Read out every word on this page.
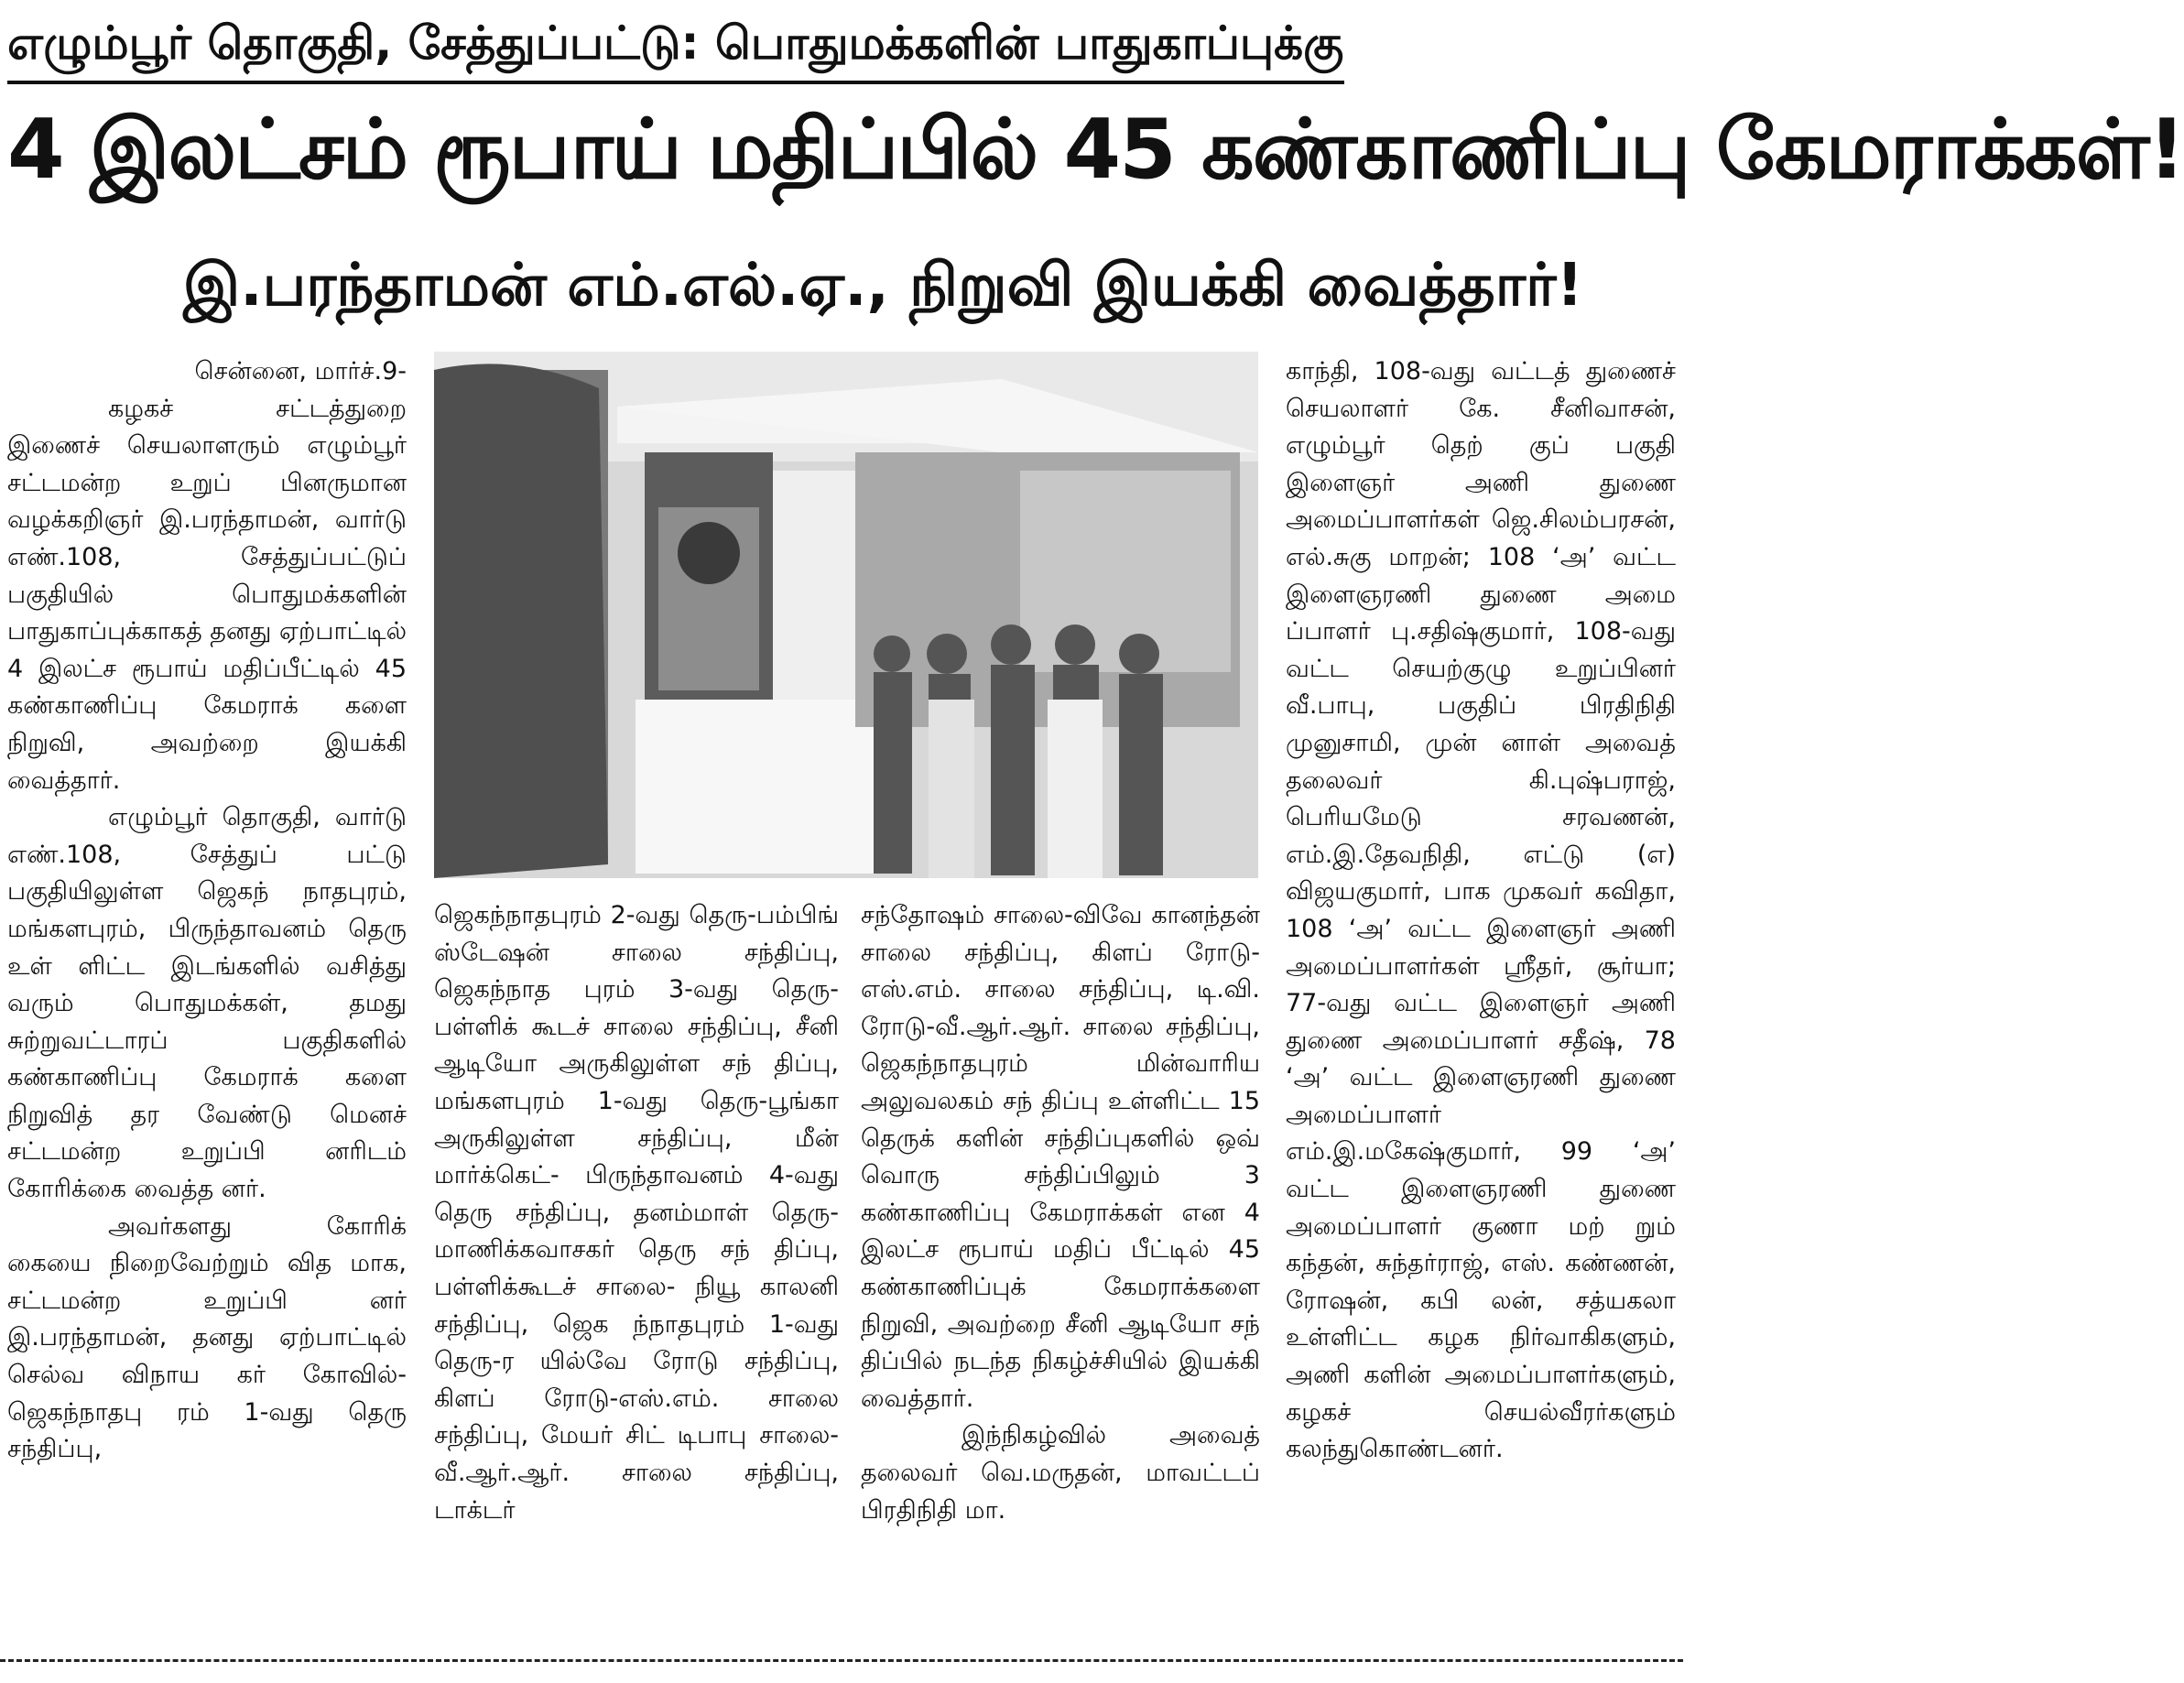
எழும்பூர் தொகுதி, சேத்துப்பட்டு: பொதுமக்களின் பாதுகாப்புக்கு
4 இலட்சம் ரூபாய் மதிப்பில் 45 கண்காணிப்பு கேமராக்கள்!
இ.பரந்தாமன் எம்.எல்.ஏ., நிறுவி இயக்கி வைத்தார்!

சென்னை, மார்ச்.9-

கழகச் சட்டத்துறை இணைச் செயலாளரும் எழும்பூர் சட்டமன்ற உறுப் பினருமான வழக்கறிஞர் இ.பரந்தாமன், வார்டு எண்.108, சேத்துப்பட்டுப் பகுதியில் பொதுமக்களின் பாதுகாப்புக்காகத் தனது ஏற்பாட்டில் 4 இலட்ச ரூபாய் மதிப்பீட்டில் 45 கண்காணிப்பு கேமராக் களை நிறுவி, அவற்றை இயக்கி வைத்தார்.

எழும்பூர் தொகுதி, வார்டு எண்.108, சேத்துப் பட்டு பகுதியிலுள்ள ஜெகந் நாதபுரம், மங்களபுரம், பிருந்தாவனம் தெரு உள் ளிட்ட இடங்களில் வசித்து வரும் பொதுமக்கள், தமது சுற்றுவட்டாரப் பகுதிகளில் கண்காணிப்பு கேமராக் களை நிறுவித் தர வேண்டு மெனச் சட்டமன்ற உறுப்பி னரிடம் கோரிக்கை வைத்த னர்.

அவர்களது கோரிக் கையை நிறைவேற்றும் வித மாக, சட்டமன்ற உறுப்பி னர் இ.பரந்தாமன், தனது ஏற்பாட்டில் செல்வ விநாய கர் கோவில்-ஜெகந்நாதபு ரம் 1-வது தெரு சந்திப்பு,

ஜெகந்நாதபுரம் 2-வது தெரு-பம்பிங் ஸ்டேஷன் சாலை சந்திப்பு, ஜெகந்நாத புரம் 3-வது தெரு-பள்ளிக் கூடச் சாலை சந்திப்பு, சீனி ஆடியோ அருகிலுள்ள சந் திப்பு, மங்களபுரம் 1-வது தெரு-பூங்கா அருகிலுள்ள சந்திப்பு, மீன் மார்க்கெட்- பிருந்தாவனம் 4-வது தெரு சந்திப்பு, தனம்மாள் தெரு- மாணிக்கவாசகர் தெரு சந் திப்பு, பள்ளிக்கூடச் சாலை- நியூ காலனி சந்திப்பு, ஜெக ந்நாதபுரம் 1-வது தெரு-ர யில்வே ரோடு சந்திப்பு, கிளப் ரோடு-எஸ்.எம். சாலை சந்திப்பு, மேயர் சிட் டிபாபு சாலை-வீ.ஆர்.ஆர். சாலை சந்திப்பு, டாக்டர்

சந்தோஷம் சாலை-விவே கானந்தன் சாலை சந்திப்பு, கிளப் ரோடு-எஸ்.எம். சாலை சந்திப்பு, டி.வி. ரோடு-வீ.ஆர்.ஆர். சாலை சந்திப்பு, ஜெகந்நாதபுரம் மின்வாரிய அலுவலகம் சந் திப்பு உள்ளிட்ட 15 தெருக் களின் சந்திப்புகளில் ஒவ் வொரு சந்திப்பிலும் 3 கண்காணிப்பு கேமராக்கள் என 4 இலட்ச ரூபாய் மதிப் பீட்டில் 45 கண்காணிப்புக் கேமராக்களை நிறுவி, அவற்றை சீனி ஆடியோ சந் திப்பில் நடந்த நிகழ்ச்சியில் இயக்கி வைத்தார்.

இந்நிகழ்வில் அவைத் தலைவர் வெ.மருதன், மாவட்டப் பிரதிநிதி மா.

காந்தி, 108-வது வட்டத் துணைச் செயலாளர் கே. சீனிவாசன், எழும்பூர் தெற் குப் பகுதி இளைஞர் அணி துணை அமைப்பாளர்கள் ஜெ.சிலம்பரசன், எல்.சுகு மாறன்; 108 ‘அ’ வட்ட இளைஞரணி துணை அமை ப்பாளர் பு.சதிஷ்குமார், 108-வது வட்ட செயற்குழு உறுப்பினர் வீ.பாபு, பகுதிப் பிரதிநிதி முனுசாமி, முன் னாள் அவைத் தலைவர் கி.புஷ்பராஜ், பெரியமேடு சரவணன், எம்.இ.தேவநிதி, எட்டு (எ) விஜயகுமார், பாக முகவர் கவிதா, 108 ‘அ’ வட்ட இளைஞர் அணி அமைப்பாளர்கள் ஸ்ரீதர், சூர்யா; 77-வது வட்ட இளைஞர் அணி துணை அமைப்பாளர் சதீஷ், 78 ‘அ’ வட்ட இளைஞரணி துணை அமைப்பாளர் எம்.இ.மகேஷ்குமார், 99 ‘அ’ வட்ட இளைஞரணி துணை அமைப்பாளர் குணா மற் றும் கந்தன், சுந்தர்ராஜ், எஸ். கண்ணன், ரோஷன், கபி லன், சத்யகலா உள்ளிட்ட கழக நிர்வாகிகளும், அணி களின் அமைப்பாளர்களும், கழகச் செயல்வீரர்களும் கலந்துகொண்டனர்.
